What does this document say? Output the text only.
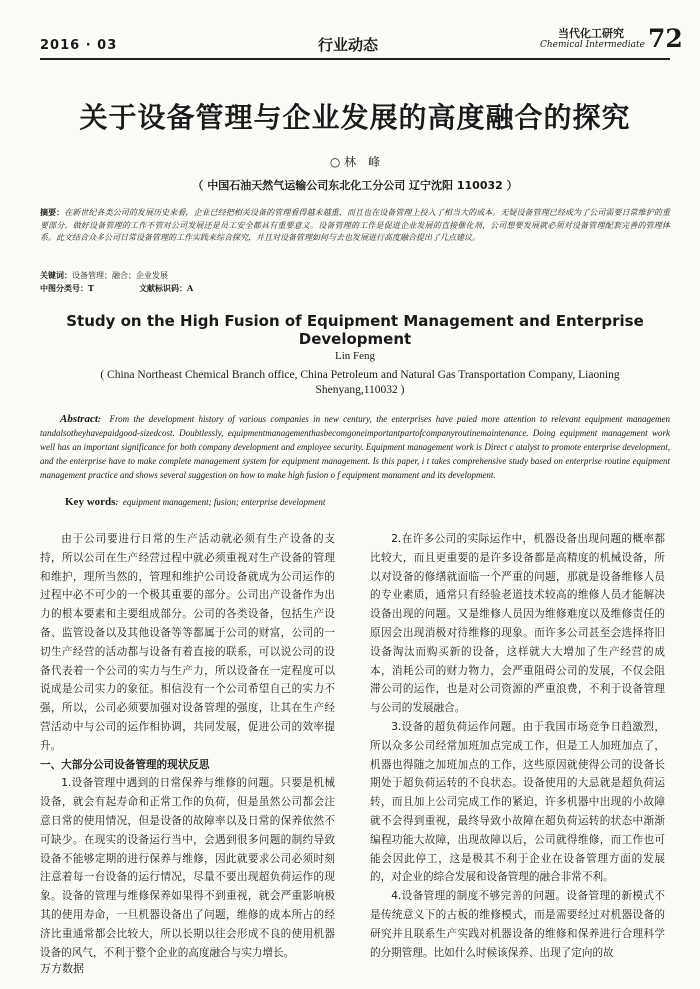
2016 · 03	行业动态
当代化工研究
Chemical Intermediate 72
关于设备管理与企业发展的高度融合的探究
○ 林　峰
（ 中国石油天然气运输公司东北化工分公司 辽宁沈阳 110032 ）
摘要：在新世纪各类公司的发展历史来看，企业已经把相关设备的管理看得越来越重，而且也在设备管理上投入了相当大的成本。无疑设备管理已经成为了公司需要日常维护的重要部分。做好设备管理的工作不管对公司发展还是员工安全都具有重要意义。设备管理的工作是促进企业发展的直接催化剂，公司想要发展就必须对设备管理配套完善的管理体系。此文结合众多公司日常设备管理的工作实践来综合探究，并且对设备管理如何与去也发展进行高度融合提出了几点建议。
关键词：设备管理；融合；企业发展
中图分类号：T	文献标识码：A
Study on the High Fusion of Equipment Management and Enterprise Development
Lin Feng
( China Northeast Chemical Branch office, China Petroleum and Natural Gas Transportation Company, Liaoning Shenyang,110032 )
Abstract: From the development history of various companies in new century, the enterprises have paied more attention to relevant equipment managemen tandalsotheyhavepaidgood-sizedcost. Doubtlessly, equipmentmanagementhasbecomgoneimportantpartofcompanyroutinemaintenance. Doing equipment management work well has an important significance for both company development and employee security. Equipment management work is Direct c atalyst to promote enterprise development, and the enterprise have to make complete management system for equipment management. Is this paper, i t takes comprehensive study based on enterprise routine equipment management practice and shows several suggestion on how to make high fusion o f equipment manament and its development.
Key words: equipment management; fusion; enterprise development

由于公司要进行日常的生产活动就必须有生产设备的支持，所以公司在生产经营过程中就必须重视对生产设备的管理和维护，理所当然的，管理和维护公司设备就成为公司运作的过程中必不可少的一个极其重要的部分。公司出产设备作为出力的根本要素和主要组成部分。公司的各类设备，包括生产设备、监管设备以及其他设备等等都属于公司的财富，公司的一切生产经营的活动都与设备有着直接的联系，可以说公司的设备代表着一个公司的实力与生产力，所以设备在一定程度可以说成是公司实力的象征。相信没有一个公司希望自己的实力不强，所以，公司必须要加强对设备管理的强度，让其在生产经营活动中与公司的运作相协调，共同发展，促进公司的效率提升。

一、大部分公司设备管理的现状反思

1.设备管理中遇到的日常保养与维修的问题。只要是机械设备，就会有起寿命和正常工作的负荷，但是虽然公司都会注意日常的使用情况，但是设备的故障率以及日常的保养依然不可缺少。在现实的设备运行当中，会遇到很多问题的制约导致设备不能够定期的进行保养与维修，因此就要求公司必须时刻注意着每一台设备的运行情况，尽量不要出现超负荷运作的现象。设备的管理与维修保养如果得不到重视，就会严重影响极其的使用寿命，一旦机器设备出了问题，维修的成本所占的经济比重通常都会比较大，所以长期以往会形成不良的使用机器设备的风气，不利于整个企业的高度融合与实力增长。

2.在许多公司的实际运作中，机器设备出现问题的概率都比较大，而且更重要的是许多设备都是高精度的机械设备，所以对设备的修缮就面临一个严重的问题，那就是设备维修人员的专业素质，通常只有经验老道技术较高的维修人员才能解决设备出现的问题。又是维修人员因为维修难度以及维修责任的原因会出现消极对待维修的现象。而许多公司甚至会选择将旧设备淘汰而购买新的设备，这样就大大增加了生产经营的成本，消耗公司的财力物力，会严重阻碍公司的发展，不仅会阻滞公司的运作，也是对公司资源的严重浪费，不利于设备管理与公司的发展融合。

3.设备的超负荷运作问题。由于我国市场竞争日趋激烈，所以众多公司经常加班加点完成工作，但是工人加班加点了，机器也得随之加班加点的工作，这些原因就使得公司的设备长期处于超负荷运转的不良状态。设备使用的大忌就是超负荷运转，而且加上公司完成工作的紧迫，许多机器中出现的小故障就不会得到重视，最终导致小故障在超负荷运转的状态中渐渐编程功能大故障，出现故障以后，公司就得维修，而工作也可能会因此停工，这是极其不利于企业在设备管理方面的发展的，对企业的综合发展和设备管理的融合非常不利。

4.设备管理的制度不够完善的问题。设备管理的新模式不是传统意义下的古板的维修模式，而是需要经过对机器设备的研究并且联系生产实践对机器设备的维修和保养进行合理科学的分期管理。比如什么时候该保养、出现了定向的故

万方数据
